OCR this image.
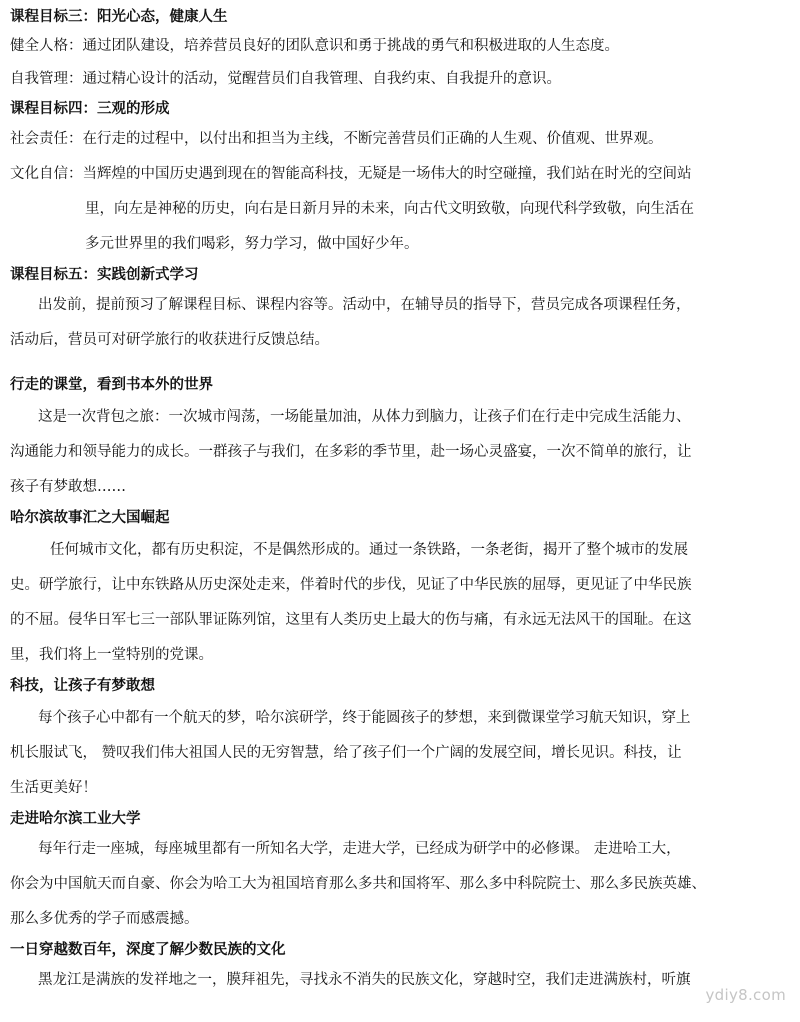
课程目标三：阳光心态，健康人生
健全人格：通过团队建设，培养营员良好的团队意识和勇于挑战的勇气和积极进取的人生态度。
自我管理：通过精心设计的活动，觉醒营员们自我管理、自我约束、自我提升的意识。
课程目标四：三观的形成
社会责任：在行走的过程中，以付出和担当为主线，不断完善营员们正确的人生观、价值观、世界观。
文化自信：当辉煌的中国历史遇到现在的智能高科技，无疑是一场伟大的时空碰撞，我们站在时光的空间站
里，向左是神秘的历史，向右是日新月异的未来，向古代文明致敬，向现代科学致敬，向生活在
多元世界里的我们喝彩，努力学习，做中国好少年。
课程目标五：实践创新式学习
出发前，提前预习了解课程目标、课程内容等。活动中，在辅导员的指导下，营员完成各项课程任务，
活动后，营员可对研学旅行的收获进行反馈总结。
行走的课堂，看到书本外的世界
这是一次背包之旅：一次城市闯荡，一场能量加油，从体力到脑力，让孩子们在行走中完成生活能力、
沟通能力和领导能力的成长。一群孩子与我们，在多彩的季节里，赴一场心灵盛宴，一次不简单的旅行，让
孩子有梦敢想……
哈尔滨故事汇之大国崛起
任何城市文化，都有历史积淀，不是偶然形成的。通过一条铁路，一条老街，揭开了整个城市的发展
史。研学旅行，让中东铁路从历史深处走来，伴着时代的步伐，见证了中华民族的屈辱，更见证了中华民族
的不屈。侵华日军七三一部队罪证陈列馆，这里有人类历史上最大的伤与痛，有永远无法风干的国耻。在这
里，我们将上一堂特别的党课。
科技，让孩子有梦敢想
每个孩子心中都有一个航天的梦，哈尔滨研学，终于能圆孩子的梦想，来到微课堂学习航天知识，穿上
机长服试飞， 赞叹我们伟大祖国人民的无穷智慧，给了孩子们一个广阔的发展空间，增长见识。科技，让
生活更美好！
走进哈尔滨工业大学
每年行走一座城，每座城里都有一所知名大学，走进大学，已经成为研学中的必修课。 走进哈工大，
你会为中国航天而自豪、你会为哈工大为祖国培育那么多共和国将军、那么多中科院院士、那么多民族英雄、
那么多优秀的学子而感震撼。
一日穿越数百年，深度了解少数民族的文化
黑龙江是满族的发祥地之一，膜拜祖先，寻找永不消失的民族文化，穿越时空，我们走进满族村，听旗
ydiy8.com
